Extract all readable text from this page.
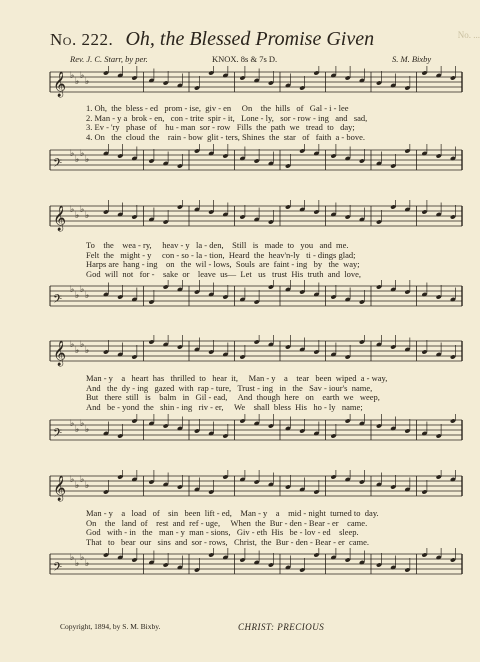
No. ...
No. 222. Oh, the Blessed Promise Given
Rev. J. C. Starr, by per.	KNOX. 8s & 7s D.	S. M. Bixby
𝄞 ♭
♭
♭
♭
1. Oh,  the  bless - ed   prom - ise,  giv - en     On    the  hills   of   Gal - i - lee
2. Man - y a  brok - en,   con - trite  spir - it,   Lone - ly,   sor - row - ing   and   sad,
3. Ev - 'ry   phase  of    hu - man  sor - row   Fills  the  path  we   tread  to   day;
4. On   the  cloud  the    rain - bow  glit - ters, Shines  the  star   of   faith  a - bove.
𝄢
♭
♭
♭
♭
𝄞 ♭
♭
♭
♭
To    the    wea - ry,     heav - y   la - den,    Still   is   made  to   you   and  me.
Felt  the   might - y     con - so - la - tion,  Heard  the  heav'n-ly   ti - dings glad;
Harps are  hang - ing    on   the  wil - lows,  Souls  are  faint - ing   by   the  way;
God  will  not   for -    sake  or    leave  us—  Let   us   trust  His  truth  and  love,
𝄢
♭
♭
♭
♭
𝄞 ♭
♭
♭
♭
Man - y    a   heart  has   thrilled  to   hear  it,     Man - y    a    tear   been  wiped  a - way,
And   the  dy - ing   gazed  with  rap - ture,   Trust - ing   in   the   Sav - iour's  name,
But   there  still   is    balm   in   Gil - ead,     And  though  here   on    earth  we   weep,
And   be - yond  the   shin - ing   riv - er,     We    shall  bless  His   ho - ly   name;
𝄢
♭
♭
♭
♭
𝄞 ♭
♭
♭
♭
Man - y    a   load   of    sin   been  lift - ed,    Man - y    a    mid - night  turned to  day.
On    the   land  of    rest  and  ref - uge,     When  the  Bur - den - Bear - er    came.
God   with - in   the   man - y  man - sions,   Giv - eth  His   be - lov - ed    sleep.
That   to   bear  our   sins  and  sor - rows,   Christ,  the  Bur - den - Bear - er  came.
𝄢
♭
♭
♭
♭
Copyright, 1894, by S. M. Bixby.	CHRIST: PRECIOUS
